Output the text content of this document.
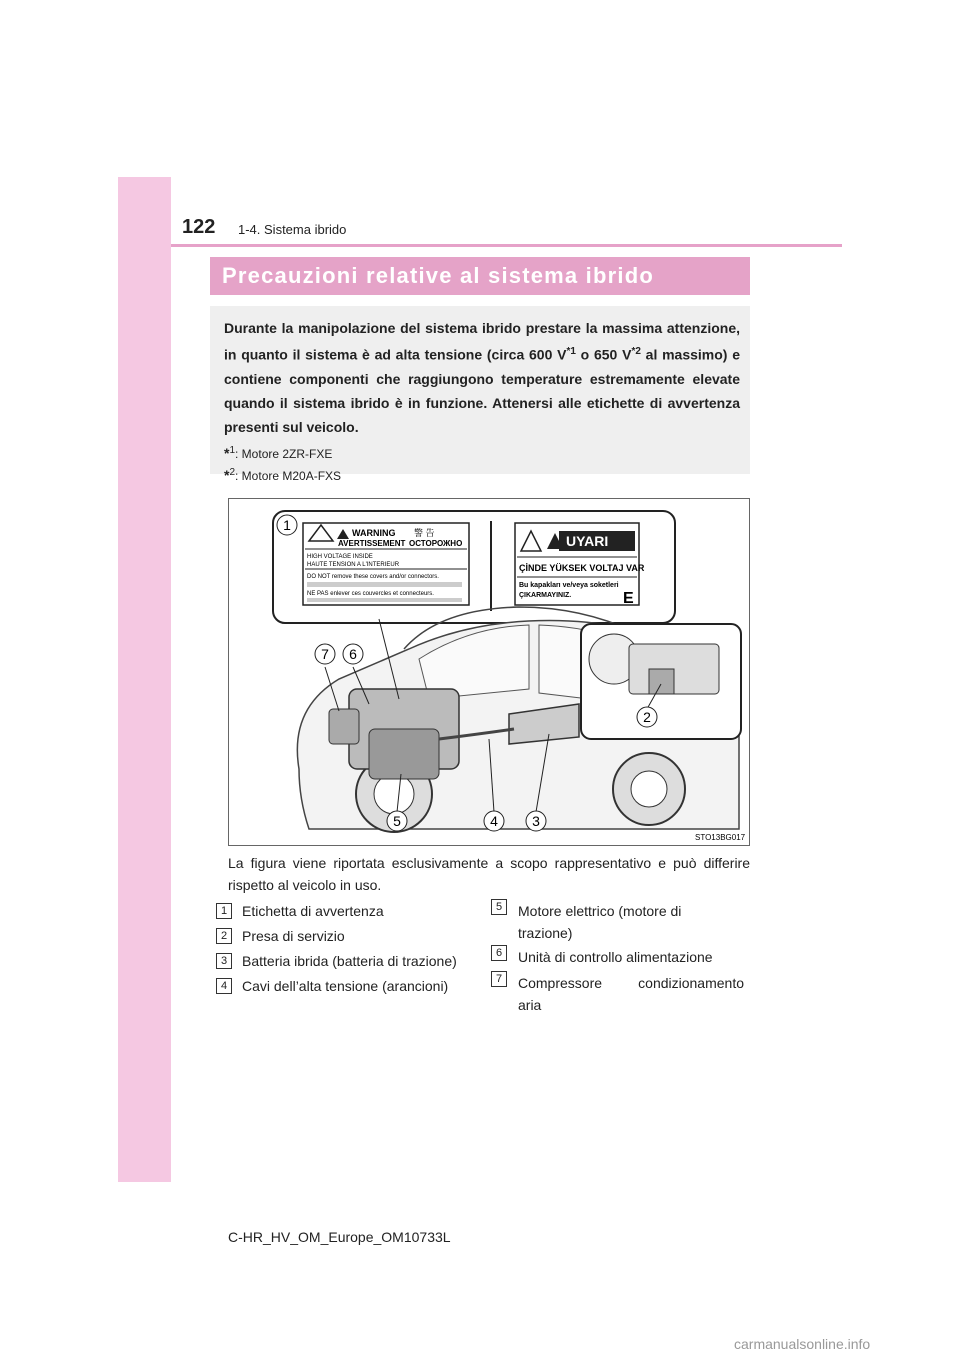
122 1-4. Sistema ibrido
Precauzioni relative al sistema ibrido

Durante la manipolazione del sistema ibrido prestare la massima attenzione, in quanto il sistema è ad alta tensione (circa 600 $V^{*1}$ o 650 $V^{*2}$ al massimo) e contiene componenti che raggiungono temperature estremamente elevate quando il sistema ibrido è in funzione. Attenersi alle etichette di avvertenza presenti sul veicolo.

*$^1$: Motore 2ZR-FXE
*$^2$: Motore M20A-FXS
WARNING 警 告
AVERTISSEMENT ОСТОРОЖНО
HIGH VOLTAGE INSIDE
HAUTE TENSION A L'INTERIEUR
DO NOT remove these covers and/or connectors.
NE PAS enlever ces couvercles et connecteurs.
UYARI
ÇİNDE YÜKSEK VOLTAJ VAR
Bu kapakları ve/veya soketleri
ÇIKARMAYINIZ.	E
1
2
3
4
5
6
7
STO13BG017
La figura viene riportata esclusivamente a scopo rappresentativo e può differire rispetto al veicolo in uso.
1	Etichetta di avvertenza
2	Presa di servizio
3	Batteria ibrida (batteria di trazione)
4	Cavi dell’alta tensione (arancioni)
5	Motore elettrico (motore di
trazione)
6	Unità di controllo alimentazione
7	Compressore condizionamento
aria
C-HR_HV_OM_Europe_OM10733L
carmanualsonline.info
